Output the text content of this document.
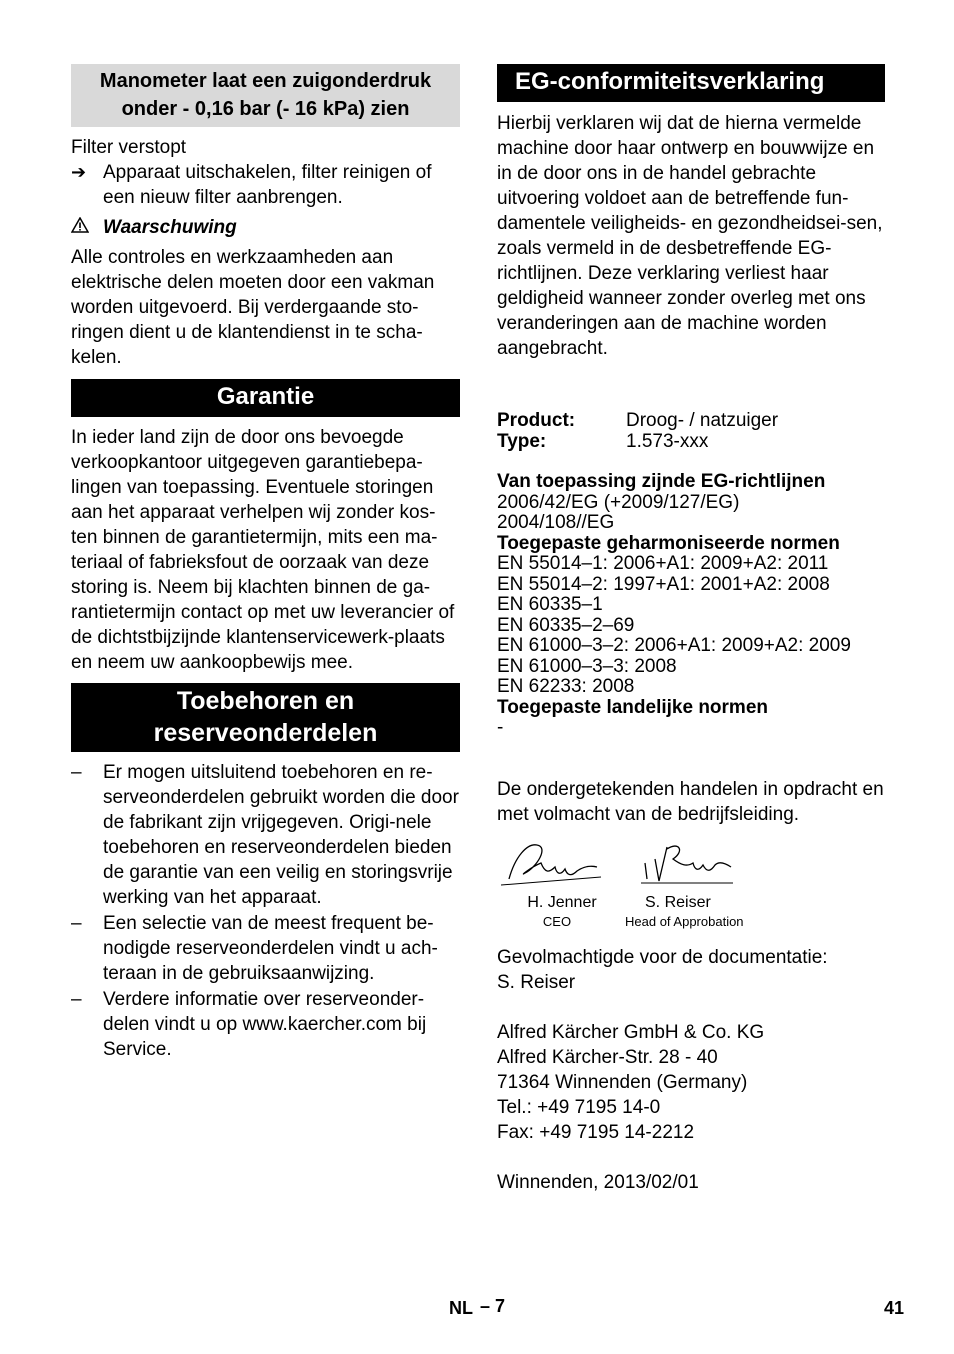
Manometer laat een zuigonderdruk onder - 0,16 bar (- 16 kPa) zien

Filter verstopt

➔ Apparaat uitschakelen, filter reinigen of een nieuw filter aanbrengen.
Waarschuwing

Alle controles en werkzaamheden aan elektrische delen moeten door een vakman worden uitgevoerd. Bij verdergaande sto-ringen dient u de klantendienst in te scha-kelen.

Garantie

In ieder land zijn de door ons bevoegde verkoopkantoor uitgegeven garantiebepa-lingen van toepassing. Eventuele storingen aan het apparaat verhelpen wij zonder kos-ten binnen de garantietermijn, mits een ma-teriaal of fabrieksfout de oorzaak van deze storing is. Neem bij klachten binnen de ga-rantietermijn contact op met uw leverancier of de dichtstbijzijnde klantenservicewerk-plaats en neem uw aankoopbewijs mee.

Toebehoren en
reserveonderdelen
–	Er mogen uitsluitend toebehoren en re-serveonderdelen gebruikt worden die door de fabrikant zijn vrijgegeven. Origi-nele toebehoren en reserveonderdelen bieden de garantie van een veilig en storingsvrije werking van het apparaat.
–	Een selectie van de meest frequent be-nodigde reserveonderdelen vindt u ach-teraan in de gebruiksaanwijzing.
–	Verdere informatie over reserveonder-delen vindt u op www.kaercher.com bij Service.
EG-conformiteitsverklaring

Hierbij verklaren wij dat de hierna vermelde machine door haar ontwerp en bouwwijze en in de door ons in de handel gebrachte uitvoering voldoet aan de betreffende fun-damentele veiligheids- en gezondheidsei-sen, zoals vermeld in de desbetreffende EG-richtlijnen. Deze verklaring verliest haar geldigheid wanneer zonder overleg met ons veranderingen aan de machine worden aangebracht.

Product:	Droog- / natzuiger
Type:	1.573-xxx

Van toepassing zijnde EG-richtlijnen

2006/42/EG (+2009/127/EG)

2004/108//EG

Toegepaste geharmoniseerde normen

EN 55014–1: 2006+A1: 2009+A2: 2011

EN 55014–2: 1997+A1: 2001+A2: 2008

EN 60335–1

EN 60335–2–69

EN 61000–3–2: 2006+A1: 2009+A2: 2009

EN 61000–3–3: 2008

EN 62233: 2008

Toegepaste landelijke normen

-

De ondergetekenden handelen in opdracht en met volmacht van de bedrijfsleiding.

H. Jenner
CEO
S. Reiser
Head of Approbation

Gevolmachtigde voor de documentatie:

S. Reiser

Alfred Kärcher GmbH & Co. KG

Alfred Kärcher-Str. 28 - 40

71364 Winnenden (Germany)

Tel.: +49 7195 14-0

Fax: +49 7195 14-2212

Winnenden, 2013/02/01

NL – 7	41
